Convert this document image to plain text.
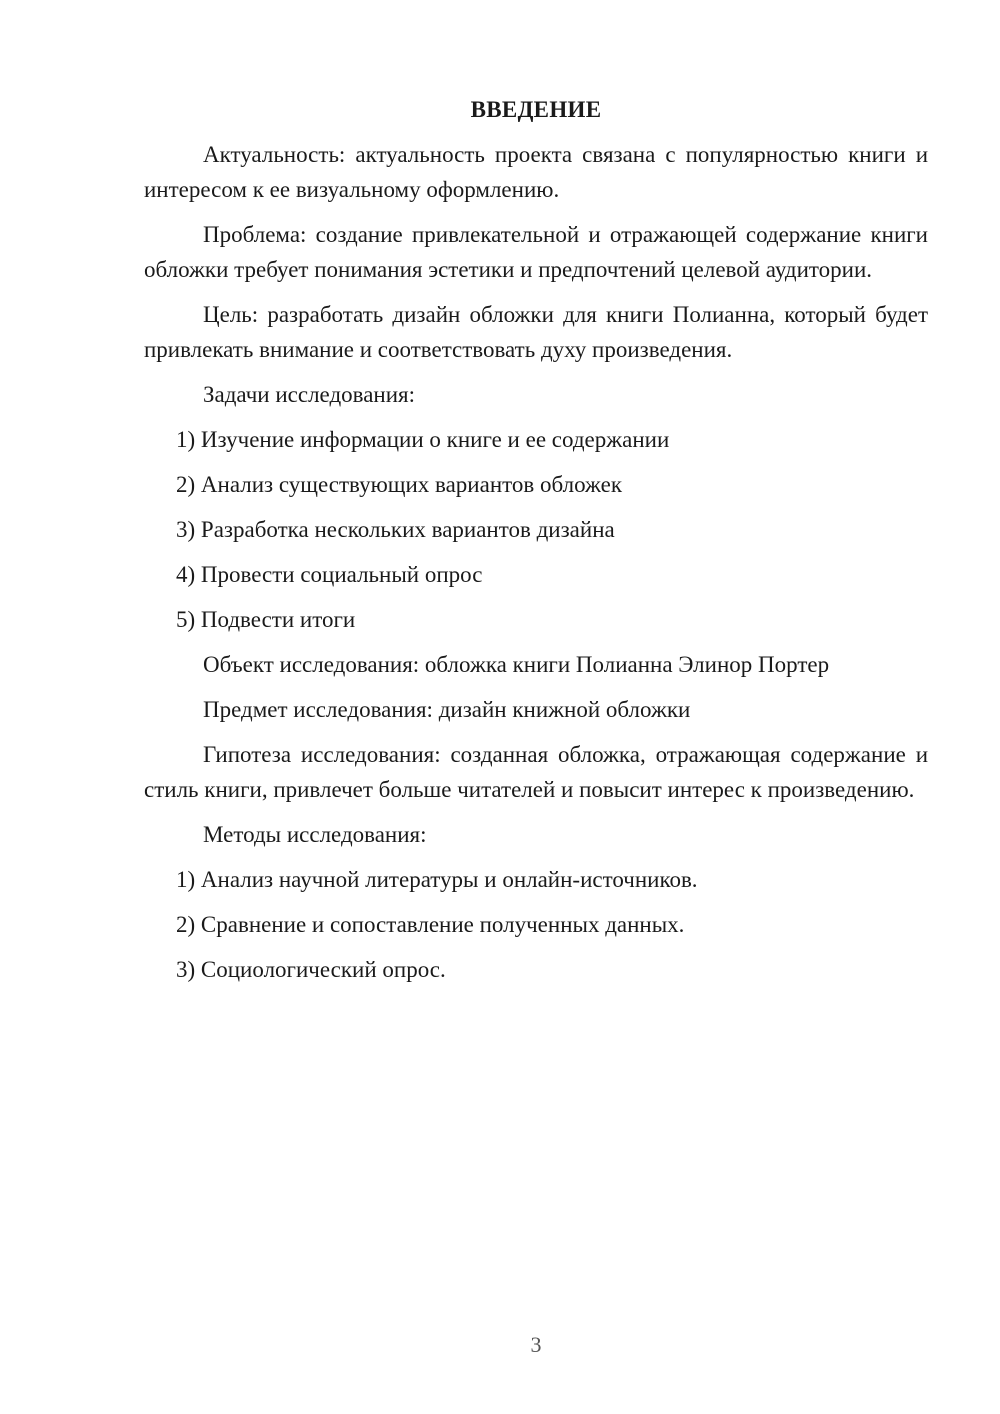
ВВЕДЕНИЕ

Актуальность: актуальность проекта связана с популярностью книги и интересом к ее визуальному оформлению.

Проблема: создание привлекательной и отражающей содержание книги обложки требует понимания эстетики и предпочтений целевой аудитории.

Цель: разработать дизайн обложки для книги Полианна, который будет привлекать внимание и соответствовать духу произведения.

Задачи исследования:

1) Изучение информации о книге и ее содержании

2) Анализ существующих вариантов обложек

3) Разработка нескольких вариантов дизайна

4) Провести социальный опрос

5) Подвести итоги

Объект исследования: обложка книги Полианна Элинор Портер

Предмет исследования: дизайн книжной обложки

Гипотеза исследования: созданная обложка, отражающая содержание и стиль книги, привлечет больше читателей и повысит интерес к произведению.

Методы исследования:

1) Анализ научной литературы и онлайн-источников.

2) Сравнение и сопоставление полученных данных.

3) Социологический опрос.

3
